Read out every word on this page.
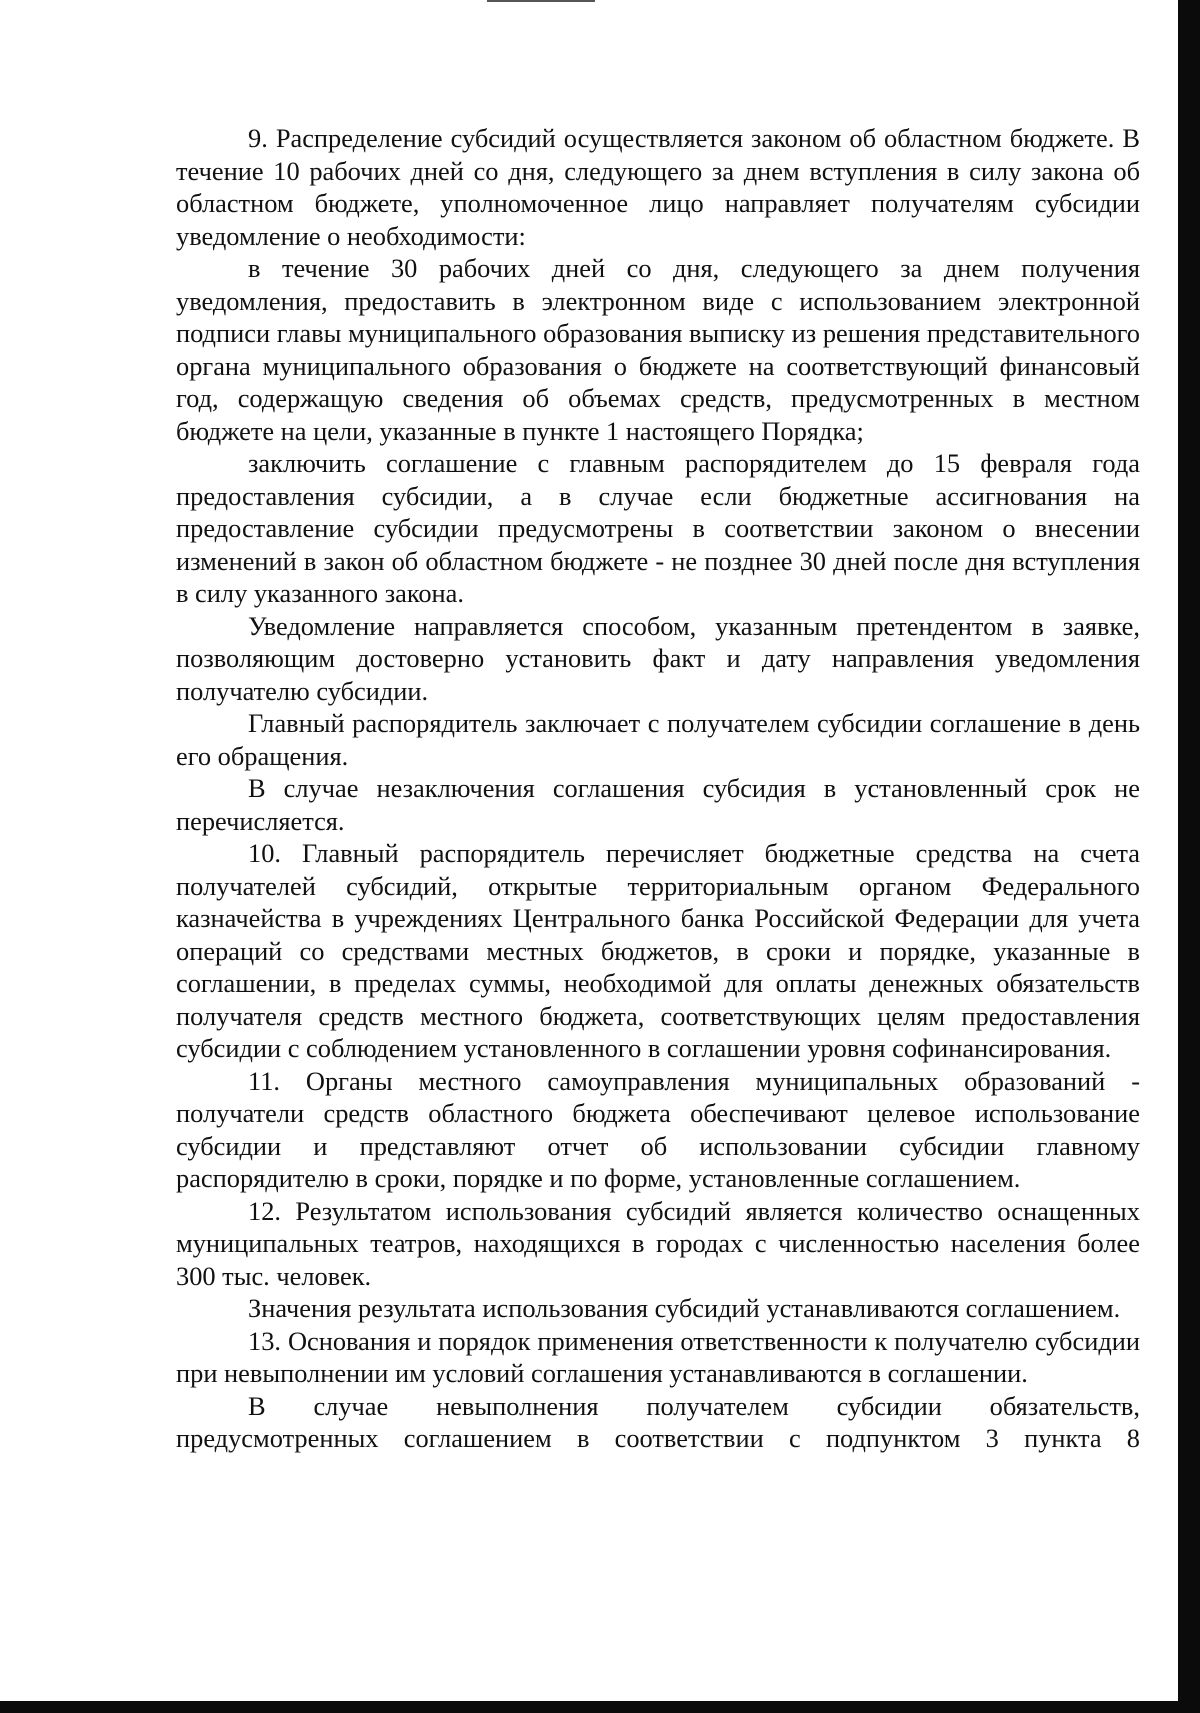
9. Распределение субсидий осуществляется законом об областном бюджете. В течение 10 рабочих дней со дня, следующего за днем вступления в силу закона об областном бюджете, уполномоченное лицо направляет получателям субсидии уведомление о необходимости:

в течение 30 рабочих дней со дня, следующего за днем получения уведомления, предоставить в электронном виде с использованием электронной подписи главы муниципального образования выписку из решения представительного органа муниципального образования о бюджете на соответствующий финансовый год, содержащую сведения об объемах средств, предусмотренных в местном бюджете на цели, указанные в пункте 1 настоящего Порядка;

заключить соглашение с главным распорядителем до 15 февраля года предоставления субсидии, а в случае если бюджетные ассигнования на предоставление субсидии предусмотрены в соответствии законом о внесении изменений в закон об областном бюджете - не позднее 30 дней после дня вступления в силу указанного закона.

Уведомление направляется способом, указанным претендентом в заявке, позволяющим достоверно установить факт и дату направления уведомления получателю субсидии.

Главный распорядитель заключает с получателем субсидии соглашение в день его обращения.

В случае незаключения соглашения субсидия в установленный срок не перечисляется.

10. Главный распорядитель перечисляет бюджетные средства на счета получателей субсидий, открытые территориальным органом Федерального казначейства в учреждениях Центрального банка Российской Федерации для учета операций со средствами местных бюджетов, в сроки и порядке, указанные в соглашении, в пределах суммы, необходимой для оплаты денежных обязательств получателя средств местного бюджета, соответствующих целям предоставления субсидии с соблюдением установленного в соглашении уровня софинансирования.

11. Органы местного самоуправления муниципальных образований - получатели средств областного бюджета обеспечивают целевое использование субсидии и представляют отчет об использовании субсидии главному распорядителю в сроки, порядке и по форме, установленные соглашением.

12. Результатом использования субсидий является количество оснащенных муниципальных театров, находящихся в городах с численностью населения более 300 тыс. человек.

Значения результата использования субсидий устанавливаются соглашением.

13. Основания и порядок применения ответственности к получателю субсидии при невыполнении им условий соглашения устанавливаются в соглашении.

В случае невыполнения получателем субсидии обязательств, предусмотренных соглашением в соответствии с подпунктом 3 пункта 8
